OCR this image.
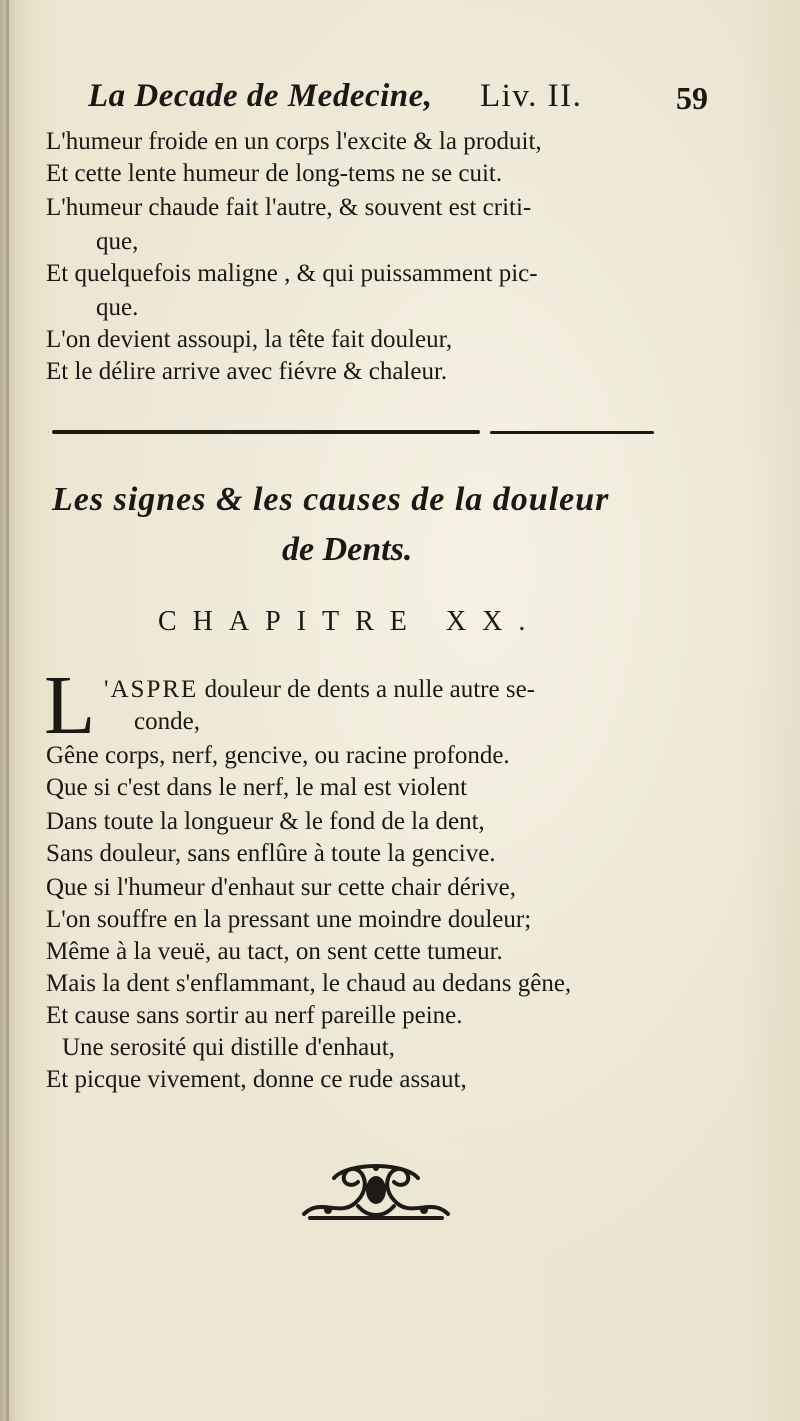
La Decade de Medecine, Liv. II.	59
L'humeur froide en un corps l'excite & la produit,
Et cette lente humeur de long-tems ne se cuit.
L'humeur chaude fait l'autre, & souvent est criti-
que,
Et quelquefois maligne , & qui puissamment pic-
que.
L'on devient assoupi, la tête fait douleur,
Et le délire arrive avec fiévre & chaleur.
Les signes & les causes de la douleur
de Dents.
CHAPITRE XX.
L 'ASPRE douleur de dents a nulle autre se-
conde,
Gêne corps, nerf, gencive, ou racine profonde.
Que si c'est dans le nerf, le mal est violent
Dans toute la longueur & le fond de la dent,
Sans douleur, sans enflûre à toute la gencive.
Que si l'humeur d'enhaut sur cette chair dérive,
L'on souffre en la pressant une moindre douleur;
Même à la veuë, au tact, on sent cette tumeur.
Mais la dent s'enflammant, le chaud au dedans gêne,
Et cause sans sortir au nerf pareille peine.
Une serosité qui distille d'enhaut,
Et picque vivement, donne ce rude assaut,
